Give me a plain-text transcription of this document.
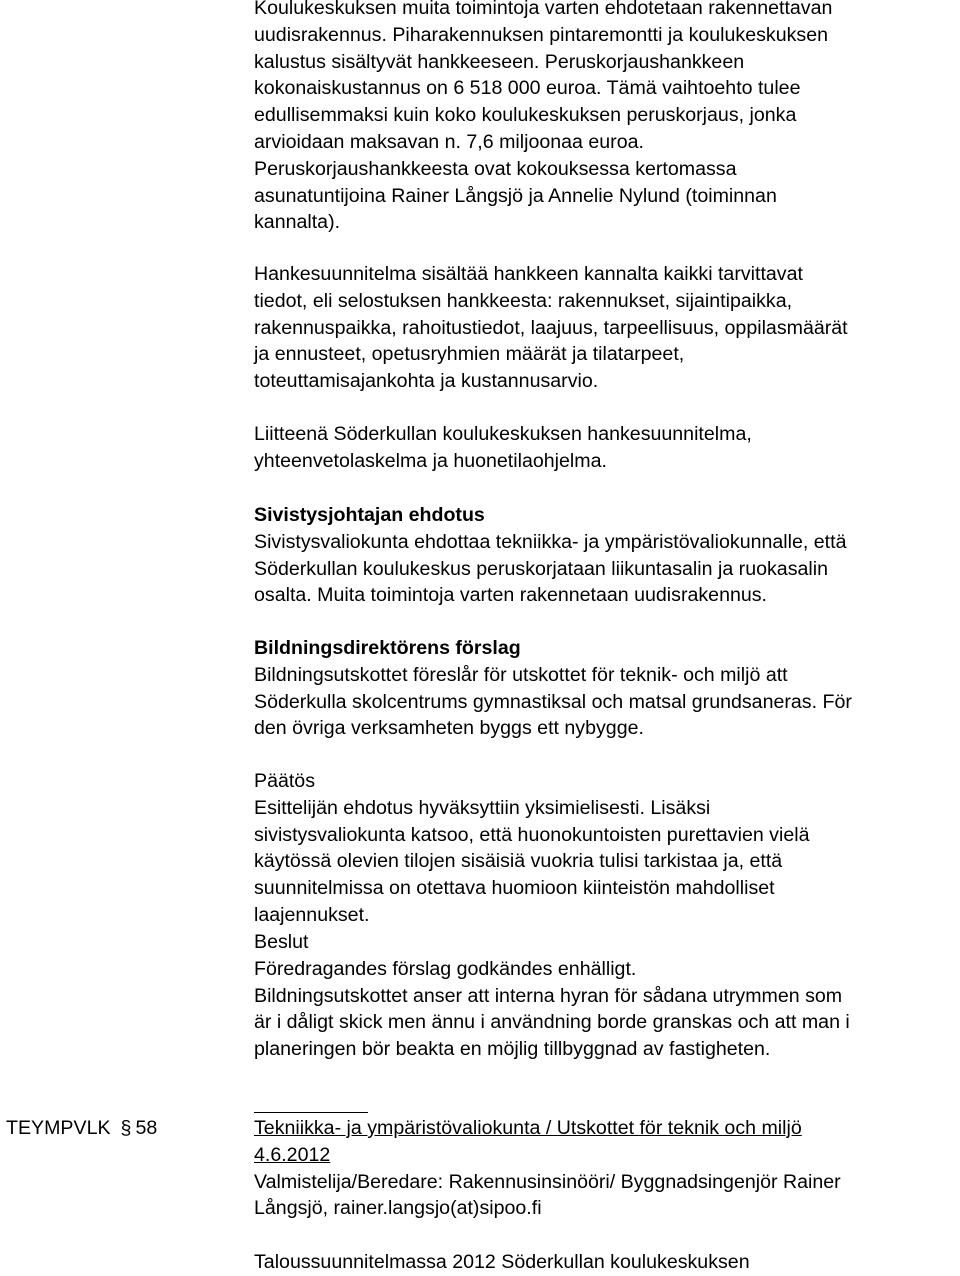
Koulukeskuksen muita toimintoja varten ehdotetaan rakennettavan
uudisrakennus. Piharakennuksen pintaremontti ja koulukeskuksen
kalustus sisältyvät hankkeeseen. Peruskorjaushankkeen
kokonaiskustannus on 6 518 000 euroa. Tämä vaihtoehto tulee
edullisemmaksi kuin koko koulukeskuksen peruskorjaus, jonka
arvioidaan maksavan n. 7,6 miljoonaa euroa.
Peruskorjaushankkeesta ovat kokouksessa kertomassa
asunatuntijoina Rainer Långsjö ja Annelie Nylund (toiminnan
kannalta).
Hankesuunnitelma sisältää hankkeen kannalta kaikki tarvittavat
tiedot, eli selostuksen hankkeesta: rakennukset, sijaintipaikka,
rakennuspaikka, rahoitustiedot, laajuus, tarpeellisuus, oppilasmäärät
ja ennusteet, opetusryhmien määrät ja tilatarpeet,
toteuttamisajankohta ja kustannusarvio.
Liitteenä Söderkullan koulukeskuksen hankesuunnitelma,
yhteenvetolaskelma ja huonetilaohjelma.
Sivistysjohtajan ehdotus
Sivistysvaliokunta ehdottaa tekniikka- ja ympäristövaliokunnalle, että
Söderkullan koulukeskus peruskorjataan liikuntasalin ja ruokasalin
osalta. Muita toimintoja varten rakennetaan uudisrakennus.
Bildningsdirektörens förslag
Bildningsutskottet föreslår för utskottet för teknik- och miljö att
Söderkulla skolcentrums gymnastiksal och matsal grundsaneras. För
den övriga verksamheten byggs ett nybygge.
Päätös
Esittelijän ehdotus hyväksyttiin yksimielisesti. Lisäksi
sivistysvaliokunta katsoo, että huonokuntoisten purettavien vielä
käytössä olevien tilojen sisäisiä vuokria tulisi tarkistaa ja, että
suunnitelmissa on otettava huomioon kiinteistön mahdolliset
laajennukset.
Beslut
Föredragandes förslag godkändes enhälligt.
Bildningsutskottet anser att interna hyran för sådana utrymmen som
är i dåligt skick men ännu i användning borde granskas och att man i
planeringen bör beakta en möjlig tillbyggnad av fastigheten.
TEYMPVLK § 58	Tekniikka- ja ympäristövaliokunta / Utskottet för teknik och miljö
4.6.2012
Valmistelija/Beredare: Rakennusinsinööri/ Byggnadsingenjör Rainer
Långsjö, rainer.langsjo(at)sipoo.fi
Taloussuunnitelmassa 2012 Söderkullan koulukeskuksen
